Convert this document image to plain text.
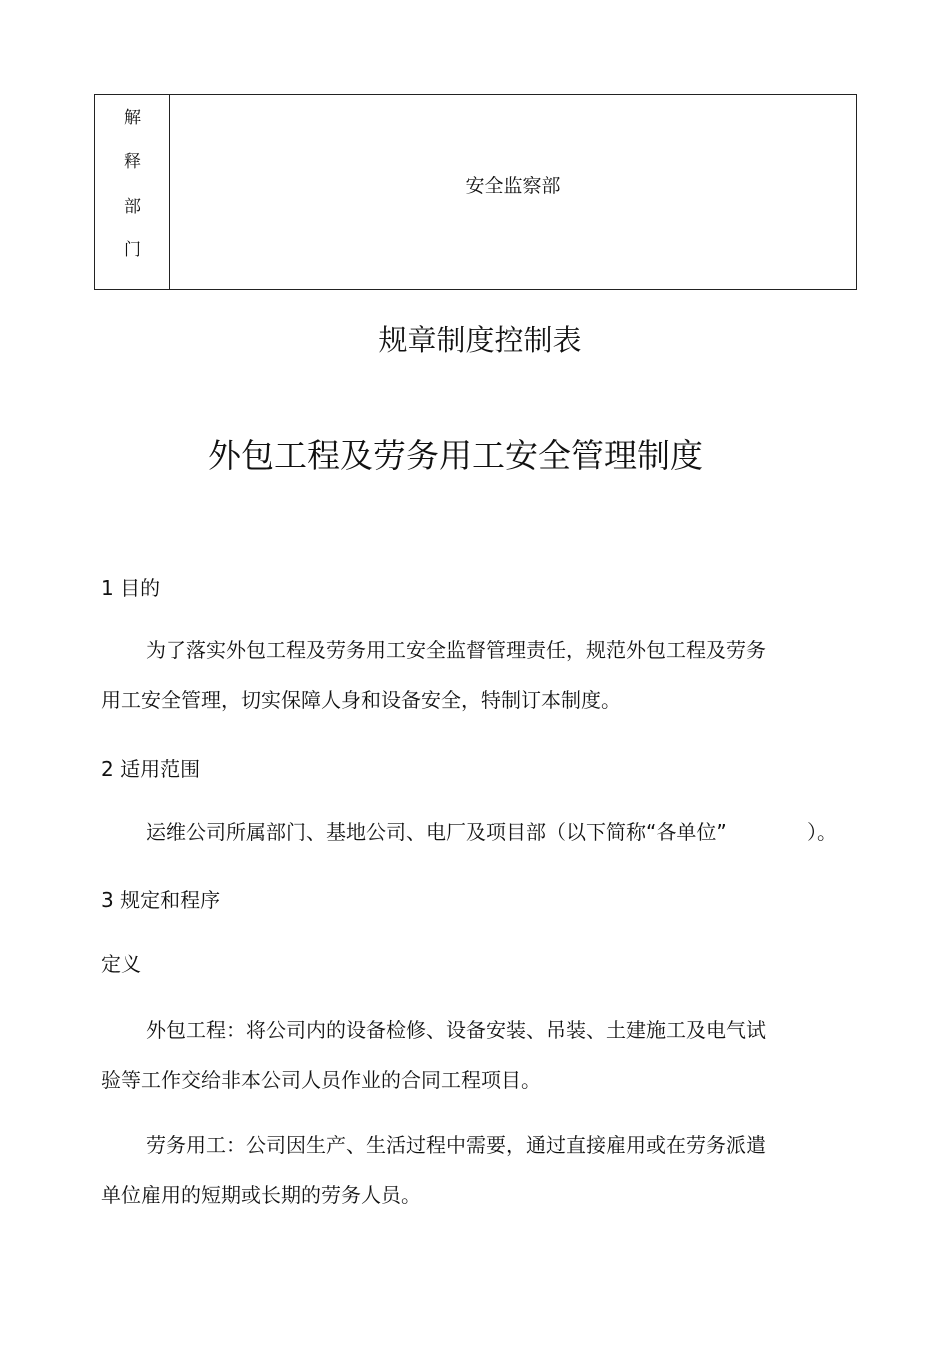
解
释
部
门
安全监察部
规章制度控制表
外包工程及劳务用工安全管理制度
1 目的
为了落实外包工程及劳务用工安全监督管理责任，规范外包工程及劳务
用工安全管理，切实保障人身和设备安全，特制订本制度。
2 适用范围
运维公司所属部门、基地公司、电厂及项目部（以下简称“各单位”	）。
3 规定和程序
定义
外包工程：将公司内的设备检修、设备安装、吊装、土建施工及电气试
验等工作交给非本公司人员作业的合同工程项目。
劳务用工：公司因生产、生活过程中需要，通过直接雇用或在劳务派遣
单位雇用的短期或长期的劳务人员。
